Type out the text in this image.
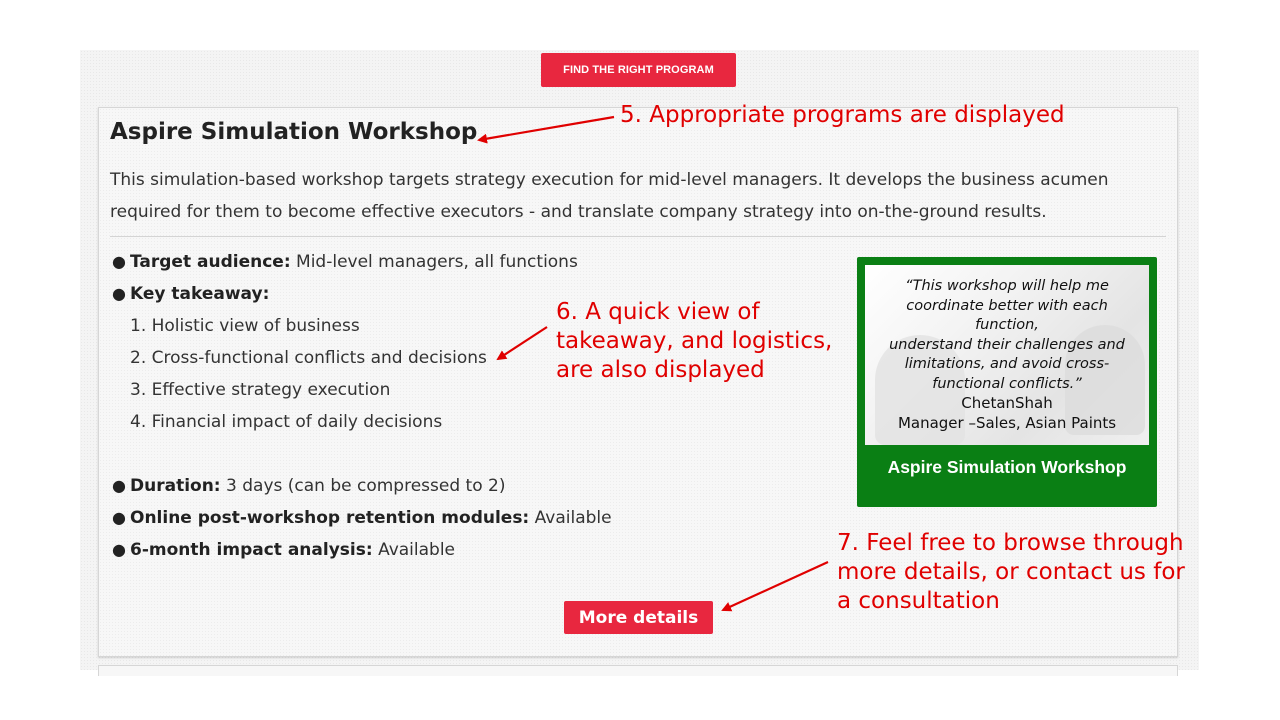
FIND THE RIGHT PROGRAM
Aspire Simulation Workshop

This simulation-based workshop targets strategy execution for mid-level managers. It develops the business acumen required for them to become effective executors - and translate company strategy into on-the-ground results.

● Target audience: Mid-level managers, all functions
● Key takeaway:
1. Holistic view of business
2. Cross-functional conflicts and decisions
3. Effective strategy execution
4. Financial impact of daily decisions
● Duration: 3 days (can be compressed to 2)
● Online post-workshop retention modules: Available
● 6-month impact analysis: Available
“This workshop will help me
coordinate better with each function,
understand their challenges and
limitations, and avoid cross-
functional conflicts.”
ChetanShah
Manager –Sales, Asian Paints
Aspire Simulation Workshop
More details
5. Appropriate programs are displayed
6. A quick view of
takeaway, and logistics,
are also displayed
7. Feel free to browse through
more details, or contact us for
a consultation
